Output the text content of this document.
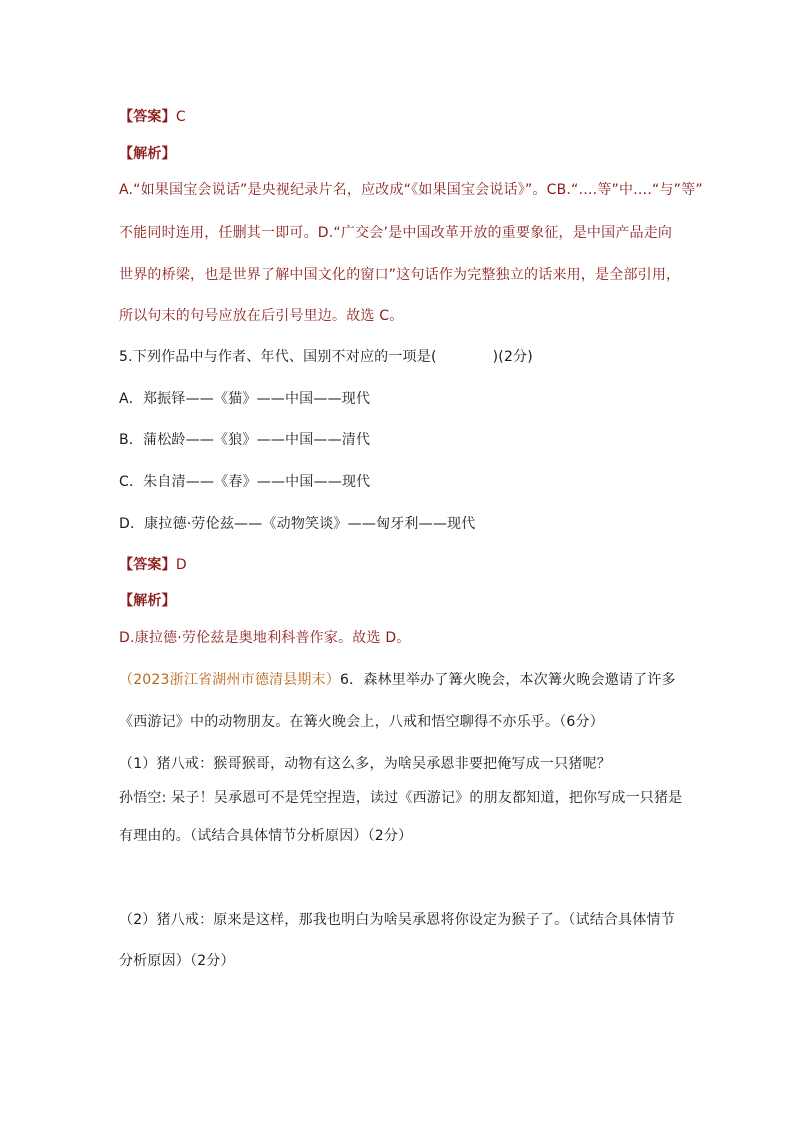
【答案】C
【解析】
A.“如果国宝会说话”是央视纪录片名，应改成“《如果国宝会说话》”。CB.“….等”中….“与”等”
不能同时连用，任删其一即可。D.“广交会’是中国改革开放的重要象征，是中国产品走向
世界的桥梁，也是世界了解中国文化的窗口”这句话作为完整独立的话来用，是全部引用，
所以句末的句号应放在后引号里边。故选 C。
5.下列作品中与作者、年代、国别不对应的一项是(	)(2分)
A．郑振铎——《猫》——中国——现代
B．蒲松龄——《狼》——中国——清代
C．朱自清——《春》——中国——现代
D．康拉德·劳伦兹——《动物笑谈》——匈牙利——现代
【答案】D
【解析】
D.康拉德·劳伦兹是奥地利科普作家。故选 D。
（2023浙江省湖州市德清县期末）6．森林里举办了篝火晚会，本次篝火晚会邀请了许多
《西游记》中的动物朋友。在篝火晚会上，八戒和悟空聊得不亦乐乎。（6分）
（1）猪八戒：猴哥猴哥，动物有这么多，为啥吴承恩非要把俺写成一只猪呢？
孙悟空: 呆子！吴承恩可不是凭空捏造，读过《西游记》的朋友都知道，把你写成一只猪是
有理由的。（试结合具体情节分析原因）（2分）
（2）猪八戒：原来是这样，那我也明白为啥吴承恩将你设定为猴子了。（试结合具体情节
分析原因）（2分）
